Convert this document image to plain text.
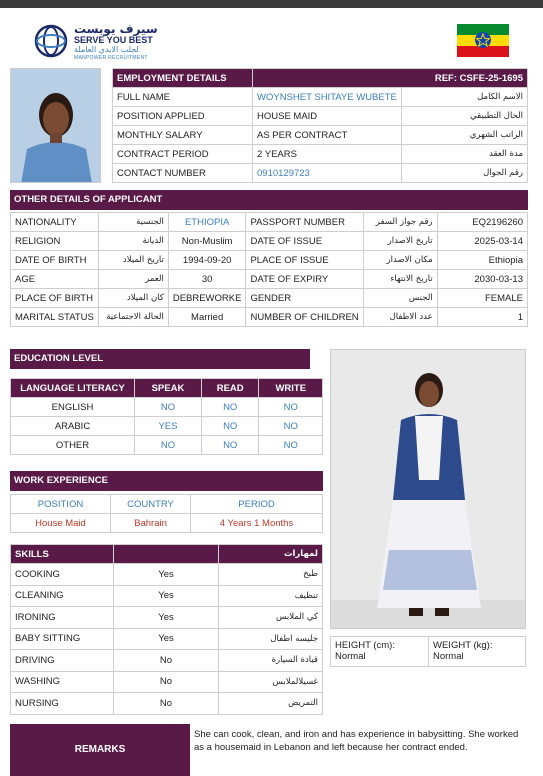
سيرف يوبست
SERVE YOU BEST
لجلب الايدي العاملة
MANPOWER RECRUITMENT
EMPLOYMENT DETAILS	REF: CSFE-25-1695	
FULL NAME	WOYNSHET SHITAYE WUBETE	الاسم الكامل
POSITION APPLIED	HOUSE MAID	الحال التطبيقي
MONTHLY SALARY	AS PER CONTRACT	الراتب الشهري
CONTRACT PERIOD	2 YEARS	مدة العقد
CONTACT NUMBER	0910129723	رقم الجوال
OTHER DETAILS OF APPLICANT
NATIONALITY	الجنسية	ETHIOPIA	PASSPORT NUMBER	رقم جواز السفر	EQ2196260
RELIGION	الديانة	Non-Muslim	DATE OF ISSUE	تاريخ الاصدار	2025-03-14
DATE OF BIRTH	تاريخ الميلاد	1994-09-20	PLACE OF ISSUE	مكان الاصدار	Ethiopia
AGE	العمر	30	DATE OF EXPIRY	تاريخ الانتهاء	2030-03-13
PLACE OF BIRTH	كان الميلاد	DEBREWORKE	GENDER	الجنس	FEMALE
MARITAL STATUS	الحالة الاجتماعية	Married	NUMBER OF CHILDREN	عدد الاطفال	1
EDUCATION LEVEL
LANGUAGE LITERACY	SPEAK	READ	WRITE
ENGLISH	NO	NO	NO
ARABIC	YES	NO	NO
OTHER	NO	NO	NO
WORK EXPERIENCE
POSITION	COUNTRY	PERIOD
House Maid	Bahrain	4 Years 1 Months
SKILLS		لمهارات
COOKING	Yes	طبخ
CLEANING	Yes	تنظيف
IRONING	Yes	كي الملابس
BABY SITTING	Yes	جليسه اطفال
DRIVING	No	قيادة السيارة
WASHING	No	غسيلالملابس
NURSING	No	التمريض
HEIGHT (cm):
Normal

WEIGHT (kg):
Normal
REMARKS
She can cook, clean, and iron and has experience in babysitting. She worked as a housemaid in Lebanon and left because her contract ended.
